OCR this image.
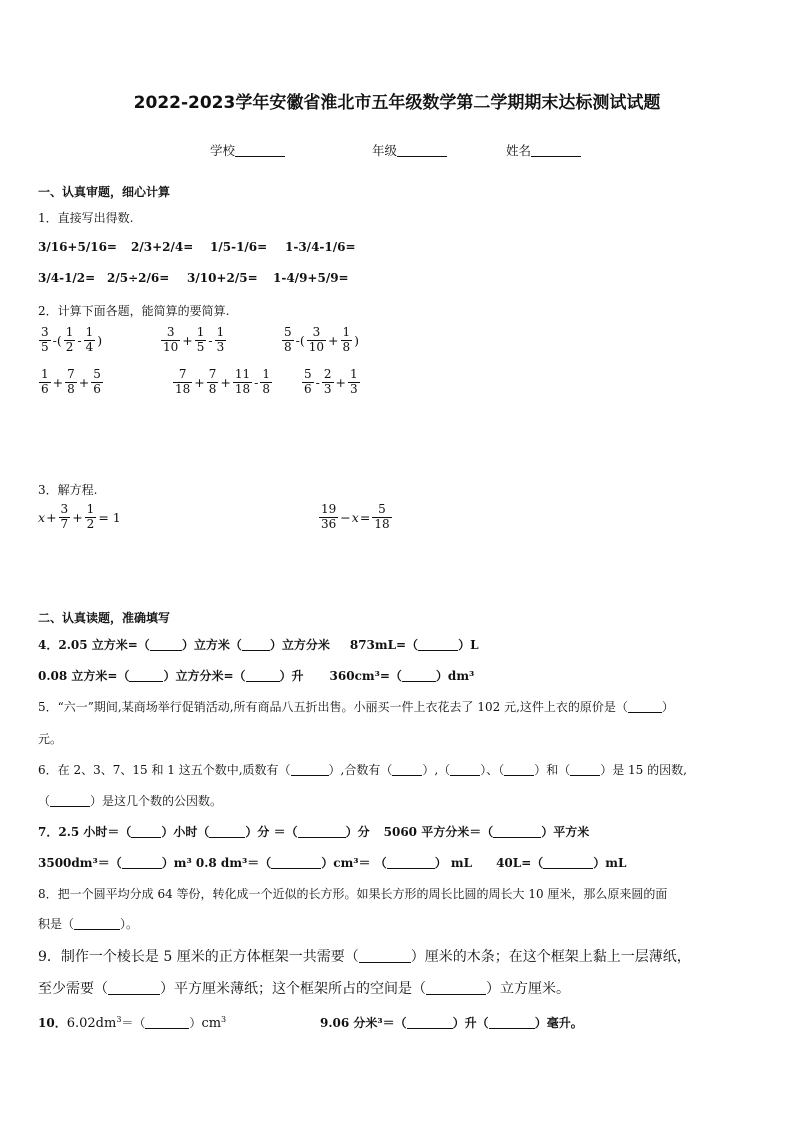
2022-2023学年安徽省淮北市五年级数学第二学期期末达标测试试题
学校	年级	姓名
一、认真审题，细心计算
1．直接写出得数.
3/16+5/16= 2/3+2/4= 1/5-1/6= 1-3/4-1/6=
3/4-1/2= 2/5÷2/6= 3/10+2/5= 1-4/9+5/9=
2．计算下面各题，能简算的要简算.
$\frac{3}{5}$ -( $\frac{1}{2} - \frac{1}{4}$ )	$\frac{3}{10} + \frac{1}{5} - \frac{1}{3}$	$\frac{5}{8}$ -( $\frac{3}{10} + \frac{1}{8}$ )
$\frac{1}{6} + \frac{7}{8} + \frac{5}{6}$	$\frac{7}{18} + \frac{7}{8} + \frac{11}{18} - \frac{1}{8} \frac{5}{6} - \frac{2}{3} + \frac{1}{3}$
3．解方程.
$x + \frac{3}{7} + \frac{1}{2} = 1$	$\frac{19}{36} - x = \frac{5}{18}$
二、认真读题，准确填写
4．2.05 立方米=（	）立方米（ ）立方分米 873mL=（	）L
0.08 立方米=（	）立方分米=（	）升 360cm³=（	）dm³
5．“六一”期间,某商场举行促销活动,所有商品八五折出售。小丽买一件上衣花去了 102 元,这件上衣的原价是（	）
元。
6．在 2、3、7、15 和 1 这五个数中,质数有（	）,合数有（	）,（	）、（	）和（	）是 15 的因数,
（	）是这几个数的公因数。
7．2.5 小时＝（	）小时（	）分 ＝（	）分 5060 平方分米＝（	）平方米
3500dm³＝（	）m³ 0.8 dm³＝（	）cm³＝ （	） mL 40L=（	）mL
8．把一个圆平均分成 64 等份，转化成一个近似的长方形。如果长方形的周长比圆的周长大 10 厘米，那么原来圆的面
积是（	）。
9．制作一个棱长是 5 厘米的正方体框架一共需要（	）厘米的木条；在这个框架上黏上一层薄纸，
至少需要（	）平方厘米薄纸；这个框架所占的空间是（	）立方厘米。
10．$6.02dm^3=$（	）$cm^3$	9.06 分米³＝（	）升（	）毫升。
